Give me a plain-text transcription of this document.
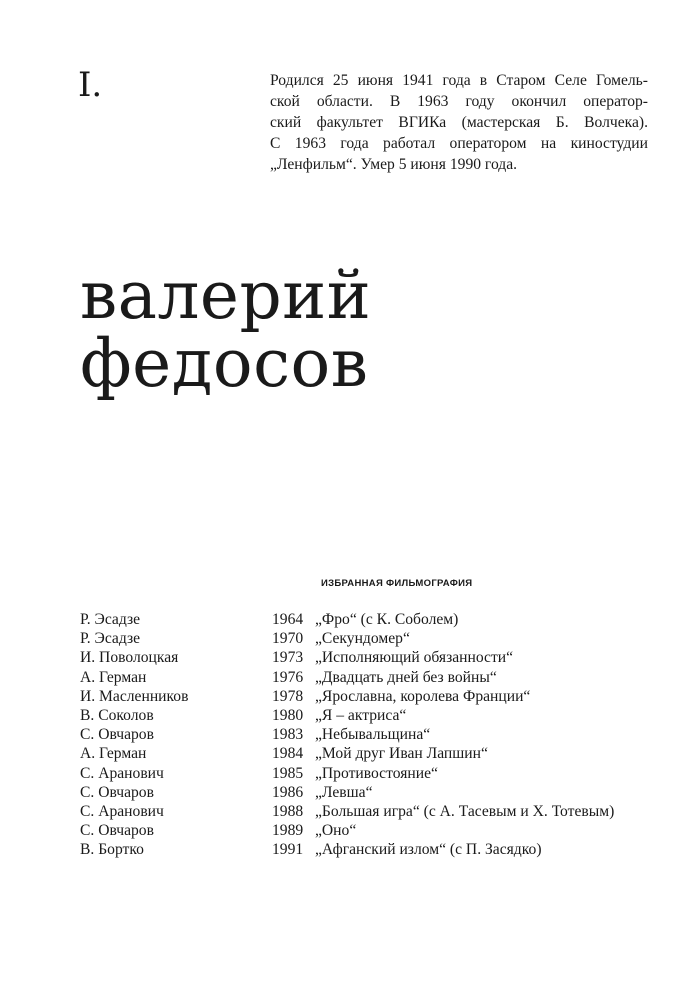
I.	Родился 25 июня 1941 года в Старом Селе Гомель-
ской области. В 1963 году окончил оператор-
ский факультет ВГИКа (мастерская Б. Волчека).
С 1963 года работал оператором на киностудии
„Ленфильм“. Умер 5 июня 1990 года.

валерий
федосов
ИЗБРАННАЯ ФИЛЬМОГРАФИЯ
Р. Эсадзе	1964 „Фро“ (с К. Соболем)
Р. Эсадзе	1970 „Секундомер“
И. Поволоцкая	1973 „Исполняющий обязанности“
А. Герман	1976 „Двадцать дней без войны“
И. Масленников	1978 „Ярославна, королева Франции“
В. Соколов	1980 „Я – актриса“
С. Овчаров	1983 „Небывальщина“
А. Герман	1984 „Мой друг Иван Лапшин“
С. Аранович	1985 „Противостояние“
С. Овчаров	1986 „Левша“
С. Аранович	1988 „Большая игра“ (с А. Тасевым и Х. Тотевым)
С. Овчаров	1989 „Оно“
В. Бортко	1991 „Афганский излом“ (с П. Засядко)
